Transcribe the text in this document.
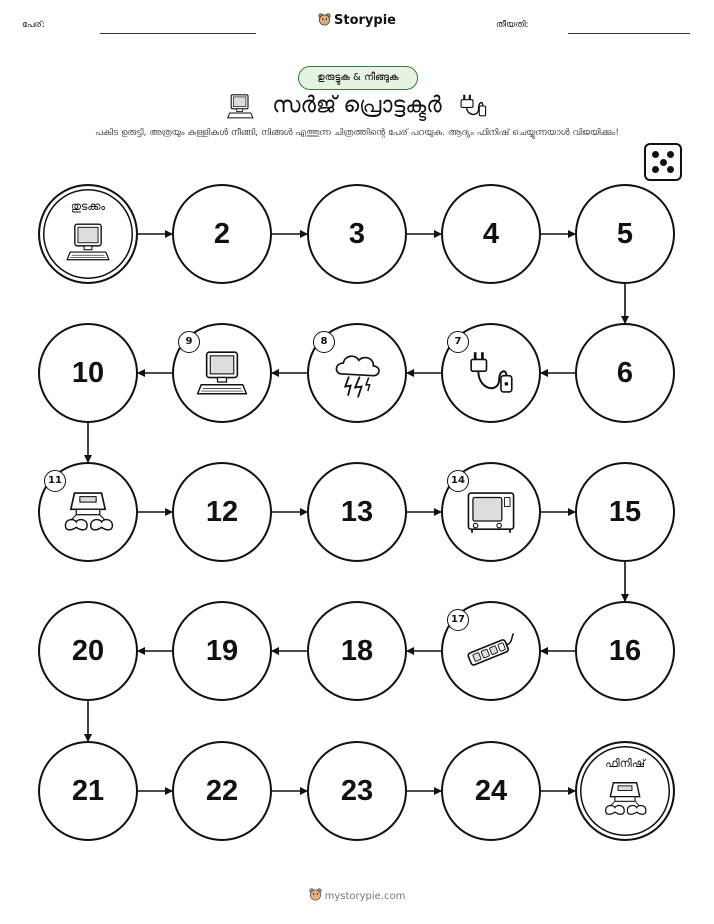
പേര്:	Storypie	തീയതി:
ഉരുട്ടുക & നീങ്ങുക
സർജ് പ്രൊട്ടക്ടർ
പകിട ഉരുട്ടി, അത്രയും കള്ളികൾ നീങ്ങി, നിങ്ങൾ എത്തുന്ന ചിത്രത്തിന്റെ പേര് പറയുക. ആദ്യം ഫിനിഷ് ചെയ്യുന്നയാൾ വിജയിക്കും!
തുടക്കം
2	3	4	5
6
7
8
9
10
11
12	13
14
15
16
17
18
19
20
21	22	23	24
ഫിനിഷ്
mystorypie.com
